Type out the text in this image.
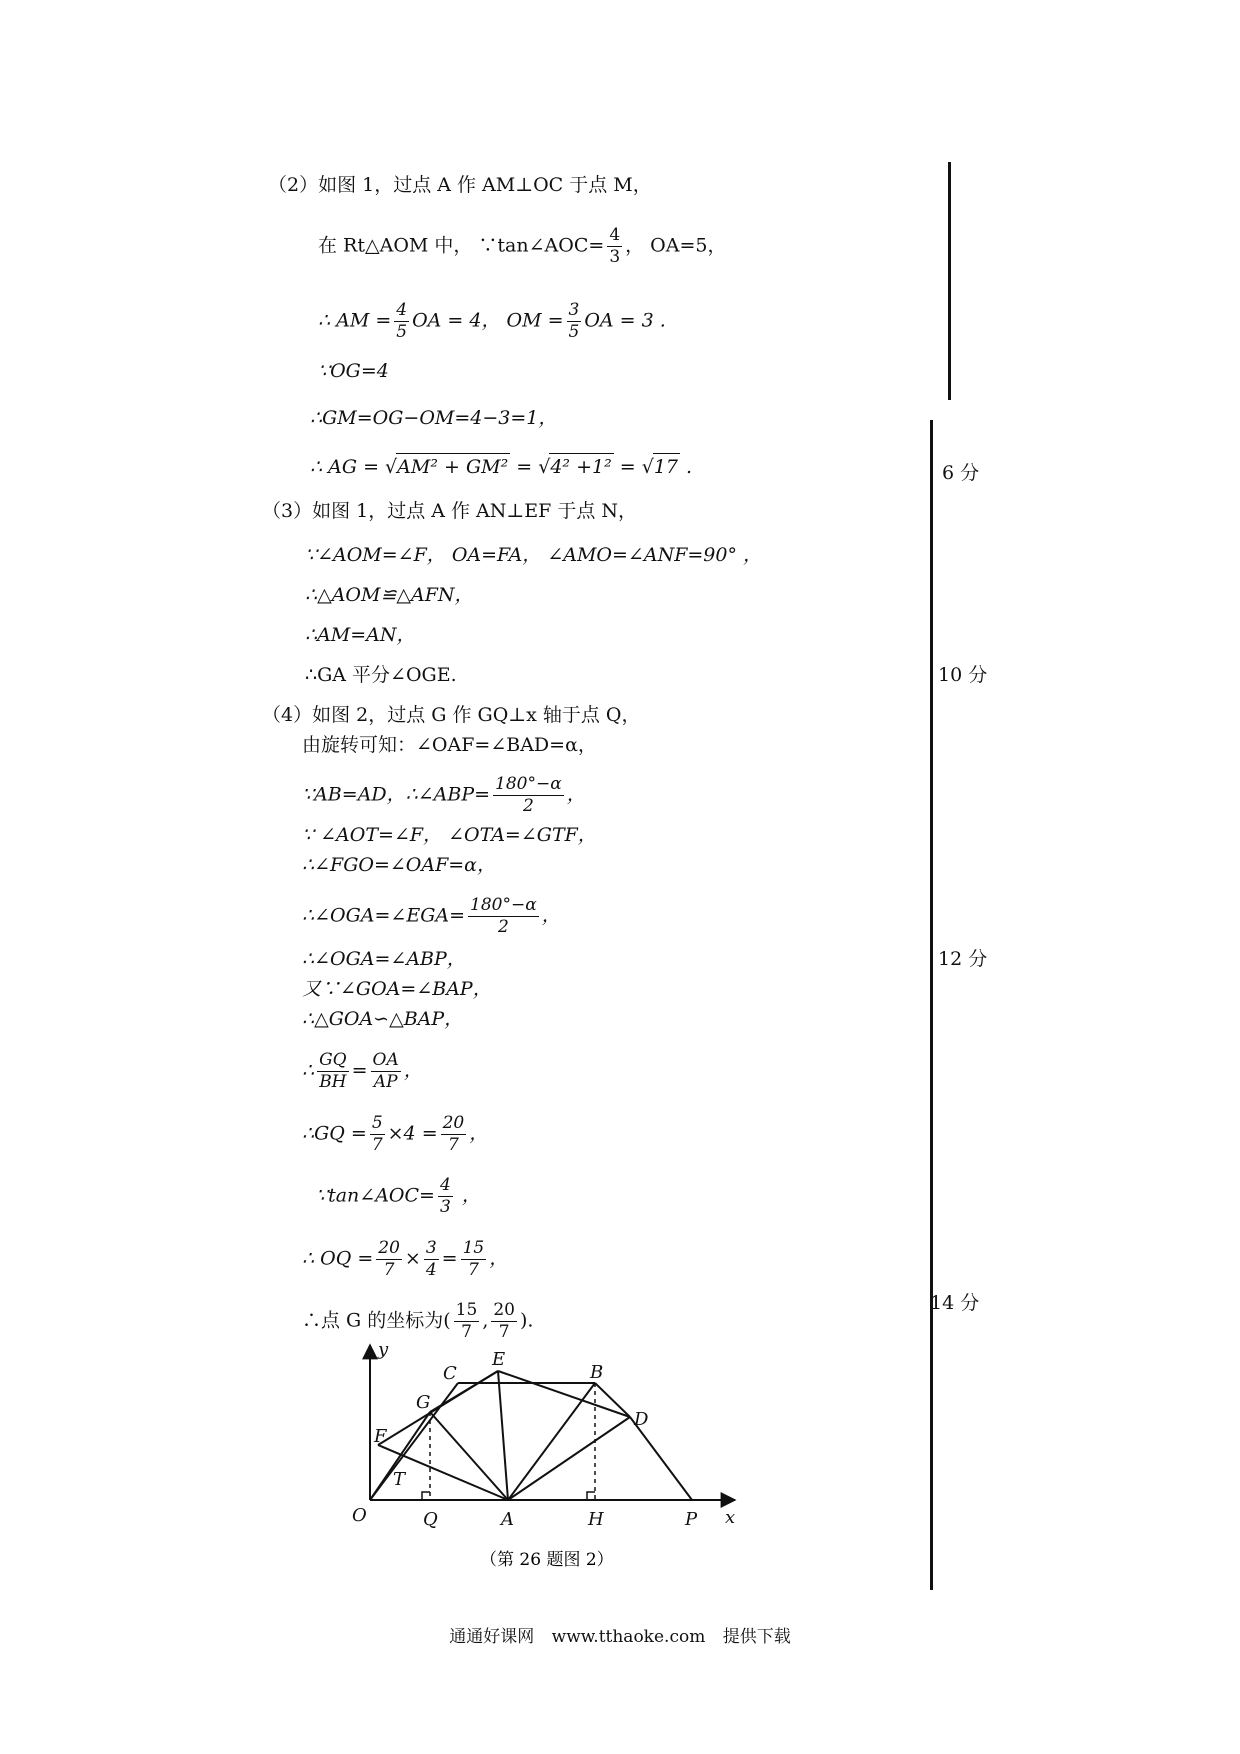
（2）如图 1，过点 A 作 AM⊥OC 于点 M，
在 Rt△AOM 中， ∵tan∠AOC= $\frac{4}{3}$ ， OA=5，
∴ AM = $\frac{4}{5}$ OA = 4， OM = $\frac{3}{5}$ OA = 3 .
∵OG=4
∴GM=OG−OM=4−3=1，
∴ AG = √AM² + GM² = √4² +1² = √17 .
（3）如图 1，过点 A 作 AN⊥EF 于点 N，
∵∠AOM=∠F， OA=FA， ∠AMO=∠ANF=90° ，
∴△AOM≌△AFN，
∴AM=AN，
∴GA 平分∠OGE.
（4）如图 2，过点 G 作 GQ⊥x 轴于点 Q，
由旋转可知：∠OAF=∠BAD=α，
∵AB=AD，∴∠ABP= $\frac{180^\circ-\alpha}{2}$ ，
∵ ∠AOT=∠F， ∠OTA=∠GTF，
∴∠FGO=∠OAF=α，
∴∠OGA=∠EGA= $\frac{180^\circ-\alpha}{2}$ ，
∴∠OGA=∠ABP，
又∵∠GOA=∠BAP，
∴△GOA∽△BAP，
∴ $\frac{GQ}{BH} = \frac{OA}{AP}$ ，
∴GQ = $\frac{5}{7} \times 4 = \frac{20}{7}$ ，
∵tan∠AOC= $\frac{4}{3}$ ，
∴ OQ = $\frac{20}{7} \times \frac{3}{4} = \frac{15}{7}$ ，
∴点 G 的坐标为( $\frac{15}{7}$ , $\frac{20}{7}$ ).
6 分
10 分
12 分
14 分
y
x
O	Q	A	H	P
C
E
B
D
G
F
T
（第 26 题图 2）
通通好课网 www.tthaoke.com 提供下载
